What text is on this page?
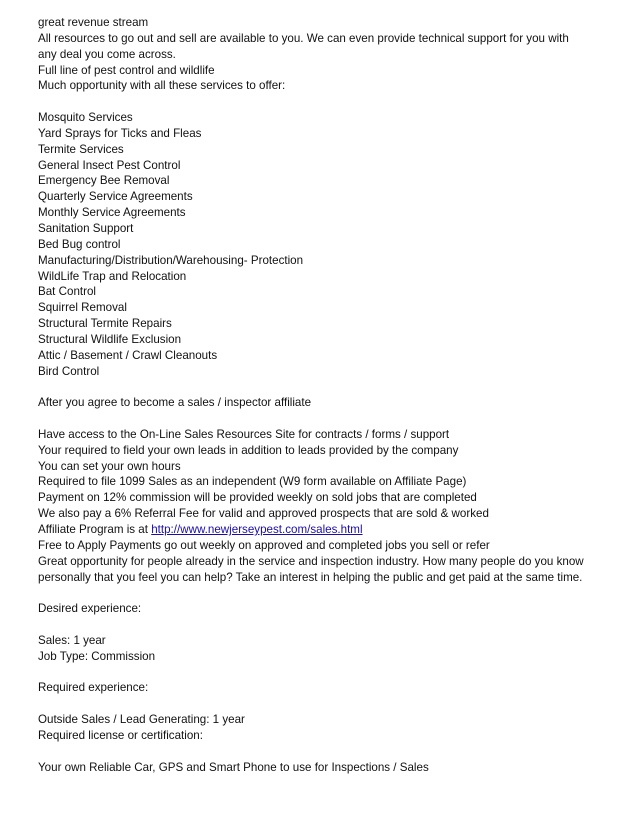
great revenue stream

All resources to go out and sell are available to you. We can even provide technical support for you with

any deal you come across.

Full line of pest control and wildlife

Much opportunity with all these services to offer:

Mosquito Services

Yard Sprays for Ticks and Fleas

Termite Services

General Insect Pest Control

Emergency Bee Removal

Quarterly Service Agreements

Monthly Service Agreements

Sanitation Support

Bed Bug control

Manufacturing/Distribution/Warehousing- Protection

WildLife Trap and Relocation

Bat Control

Squirrel Removal

Structural Termite Repairs

Structural Wildlife Exclusion

Attic / Basement / Crawl Cleanouts

Bird Control

After you agree to become a sales / inspector affiliate

Have access to the On-Line Sales Resources Site for contracts / forms / support

Your required to field your own leads in addition to leads provided by the company

You can set your own hours

Required to file 1099 Sales as an independent (W9 form available on Affiliate Page)

Payment on 12% commission will be provided weekly on sold jobs that are completed

We also pay a 6% Referral Fee for valid and approved prospects that are sold & worked

Affiliate Program is at http://www.newjerseypest.com/sales.html

Free to Apply Payments go out weekly on approved and completed jobs you sell or refer

Great opportunity for people already in the service and inspection industry. How many people do you know

personally that you feel you can help? Take an interest in helping the public and get paid at the same time.

Desired experience:

Sales: 1 year

Job Type: Commission

Required experience:

Outside Sales / Lead Generating: 1 year

Required license or certification:

Your own Reliable Car, GPS and Smart Phone to use for Inspections / Sales
